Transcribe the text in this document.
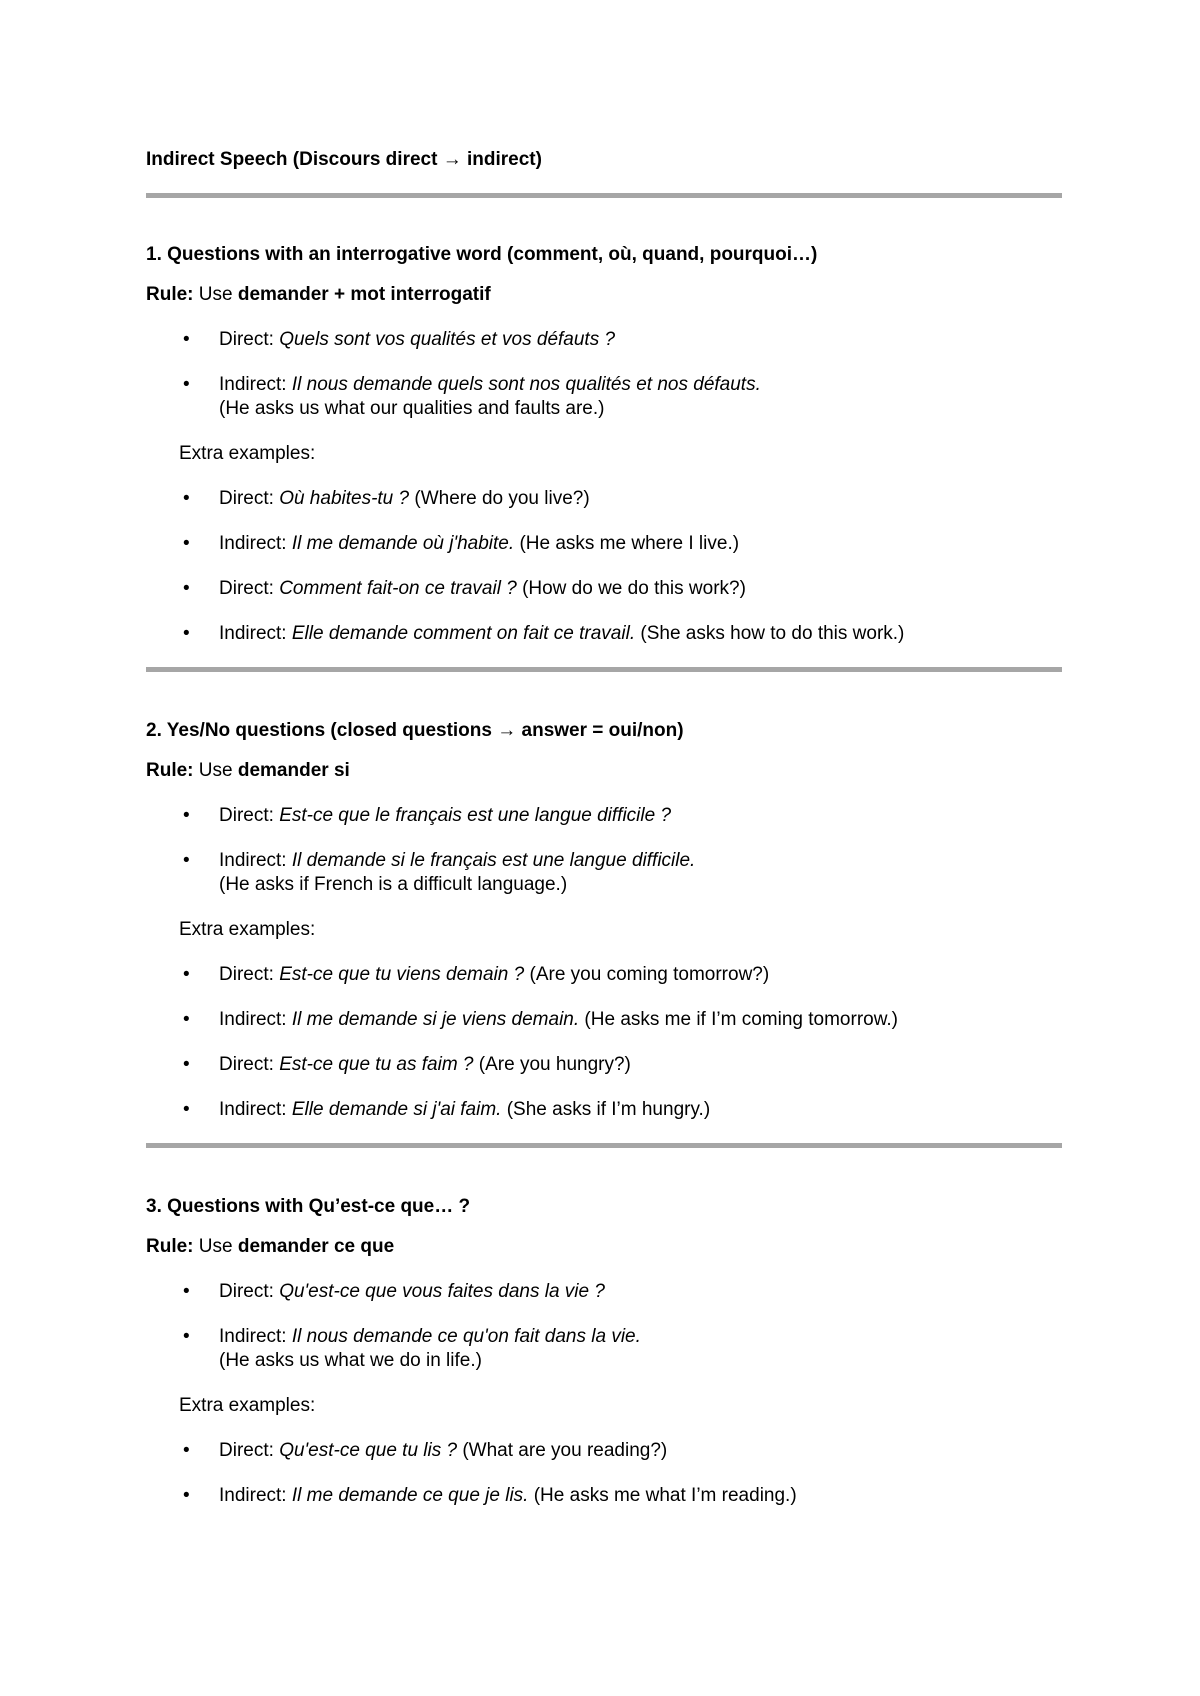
Indirect Speech (Discours direct → indirect)

1. Questions with an interrogative word (comment, où, quand, pourquoi…)

Rule: Use demander + mot interrogatif

• Direct: Quels sont vos qualités et vos défauts ?
• Indirect: Il nous demande quels sont nos qualités et nos défauts.
(He asks us what our qualities and faults are.)

Extra examples:

• Direct: Où habites-tu ? (Where do you live?)
• Indirect: Il me demande où j'habite. (He asks me where I live.)
• Direct: Comment fait-on ce travail ? (How do we do this work?)
• Indirect: Elle demande comment on fait ce travail. (She asks how to do this work.)

2. Yes/No questions (closed questions → answer = oui/non)

Rule: Use demander si

• Direct: Est-ce que le français est une langue difficile ?
• Indirect: Il demande si le français est une langue difficile.
(He asks if French is a difficult language.)

Extra examples:

• Direct: Est-ce que tu viens demain ? (Are you coming tomorrow?)
• Indirect: Il me demande si je viens demain. (He asks me if I’m coming tomorrow.)
• Direct: Est-ce que tu as faim ? (Are you hungry?)
• Indirect: Elle demande si j'ai faim. (She asks if I’m hungry.)

3. Questions with Qu’est-ce que… ?

Rule: Use demander ce que

• Direct: Qu'est-ce que vous faites dans la vie ?
• Indirect: Il nous demande ce qu'on fait dans la vie.
(He asks us what we do in life.)

Extra examples:

• Direct: Qu'est-ce que tu lis ? (What are you reading?)
• Indirect: Il me demande ce que je lis. (He asks me what I’m reading.)
